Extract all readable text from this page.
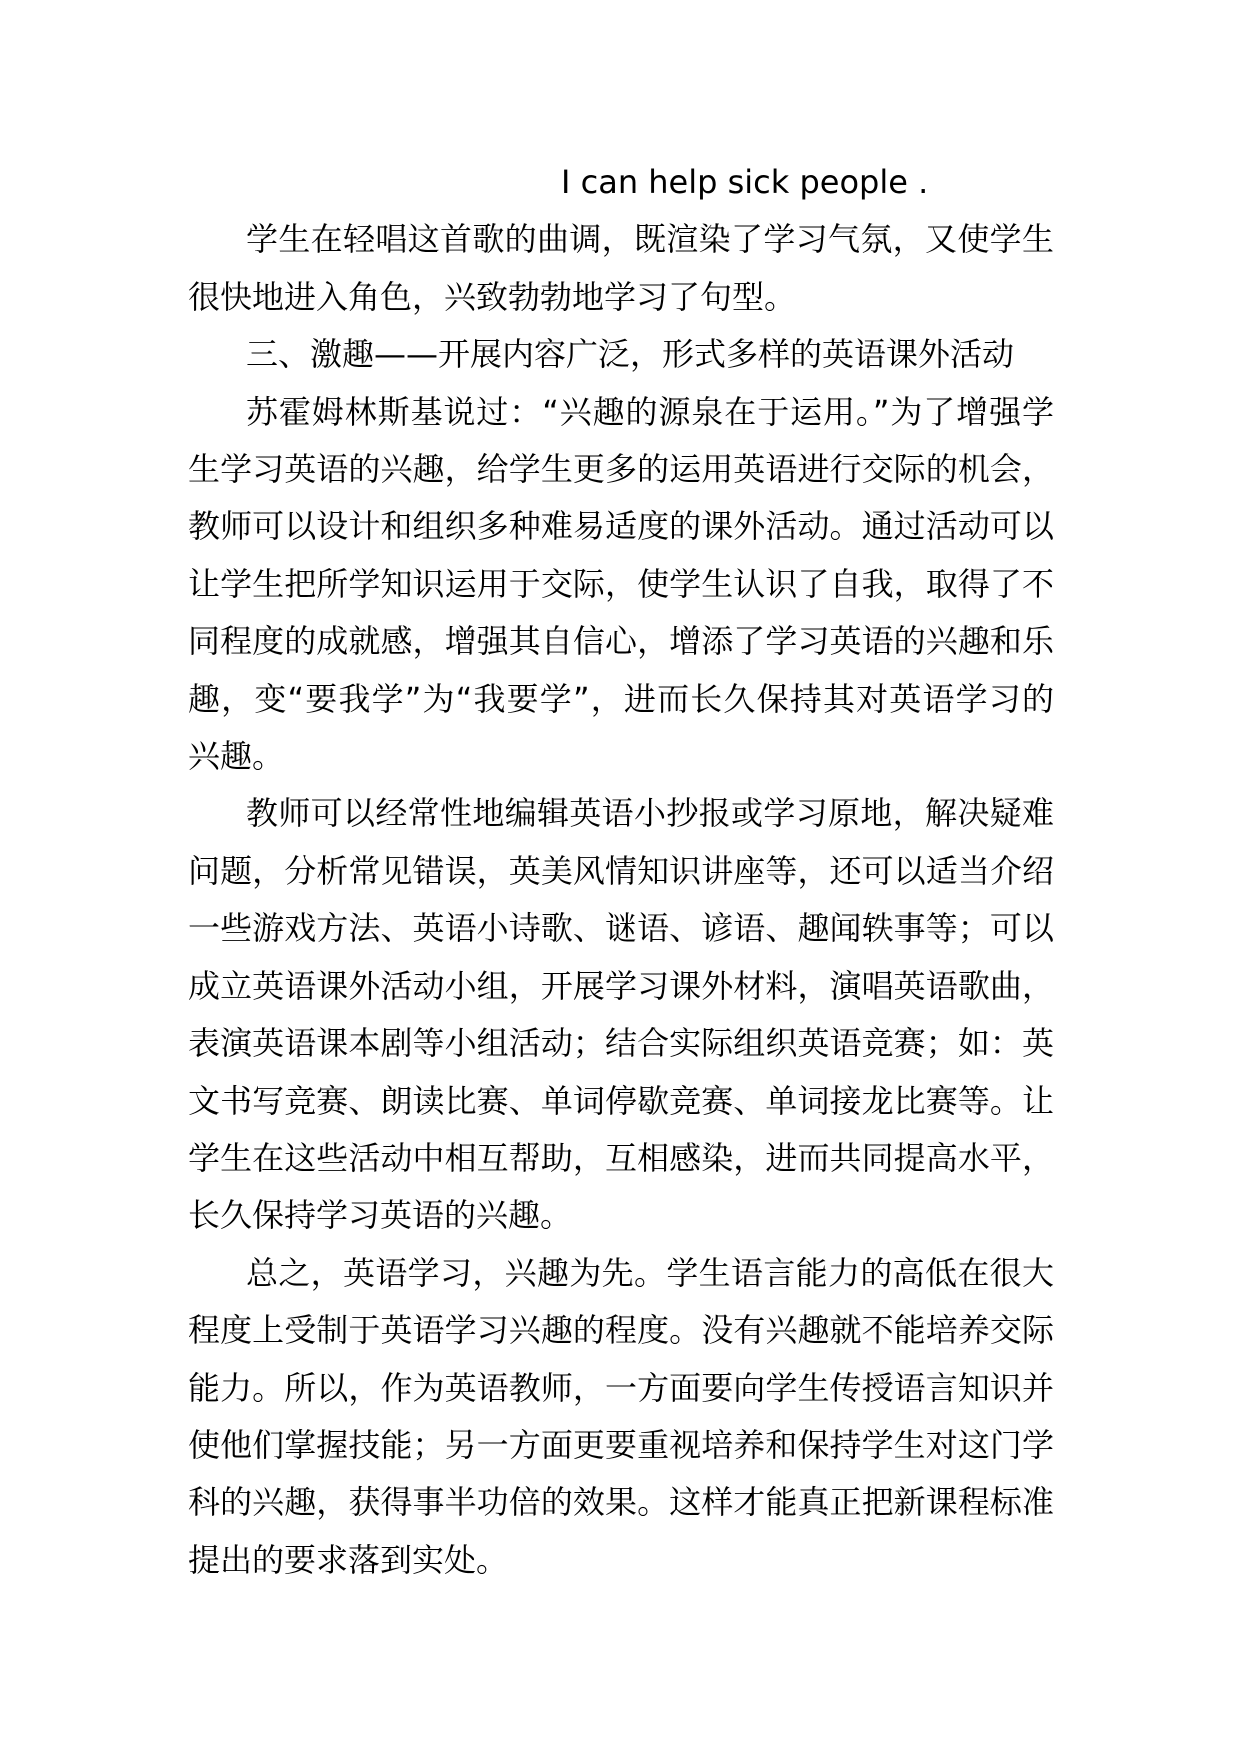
I can help sick people .

学生在轻唱这首歌的曲调，既渲染了学习气氛，又使学生很快地进入角色，兴致勃勃地学习了句型。

三、激趣——开展内容广泛，形式多样的英语课外活动

苏霍姆林斯基说过：“兴趣的源泉在于运用。”为了增强学生学习英语的兴趣，给学生更多的运用英语进行交际的机会，教师可以设计和组织多种难易适度的课外活动。通过活动可以让学生把所学知识运用于交际，使学生认识了自我，取得了不同程度的成就感，增强其自信心，增添了学习英语的兴趣和乐趣，变“要我学”为“我要学”，进而长久保持其对英语学习的兴趣。

教师可以经常性地编辑英语小抄报或学习原地，解决疑难问题，分析常见错误，英美风情知识讲座等，还可以适当介绍一些游戏方法、英语小诗歌、谜语、谚语、趣闻轶事等；可以成立英语课外活动小组，开展学习课外材料，演唱英语歌曲，表演英语课本剧等小组活动；结合实际组织英语竞赛；如：英文书写竞赛、朗读比赛、单词停歇竞赛、单词接龙比赛等。让学生在这些活动中相互帮助，互相感染，进而共同提高水平，长久保持学习英语的兴趣。

总之，英语学习，兴趣为先。学生语言能力的高低在很大程度上受制于英语学习兴趣的程度。没有兴趣就不能培养交际能力。所以，作为英语教师，一方面要向学生传授语言知识并使他们掌握技能；另一方面更要重视培养和保持学生对这门学科的兴趣，获得事半功倍的效果。这样才能真正把新课程标准提出的要求落到实处。
